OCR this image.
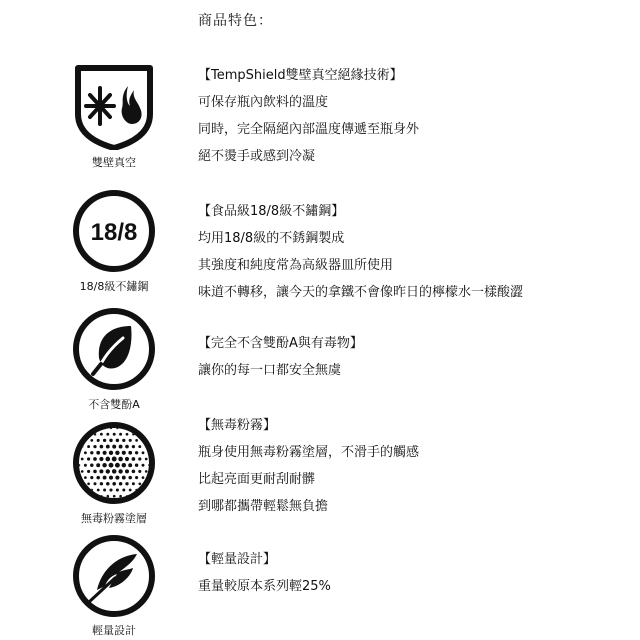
商品特色：
雙壁真空
【TempShield雙壁真空絕緣技術】
可保存瓶內飲料的溫度
同時，完全隔絕內部溫度傳遞至瓶身外
絕不燙手或感到冷凝
18/8
18/8級不鏽鋼
【食品級18/8級不鏽鋼】
均用18/8級的不銹鋼製成
其強度和純度常為高級器皿所使用
味道不轉移，讓今天的拿鐵不會像昨日的檸檬水一樣酸澀
不含雙酚A
【完全不含雙酚A與有毒物】
讓你的每一口都安全無虞
無毒粉霧塗層
【無毒粉霧】
瓶身使用無毒粉霧塗層，不滑手的觸感
比起亮面更耐刮耐髒
到哪都攜帶輕鬆無負擔
輕量設計
【輕量設計】
重量較原本系列輕25%
